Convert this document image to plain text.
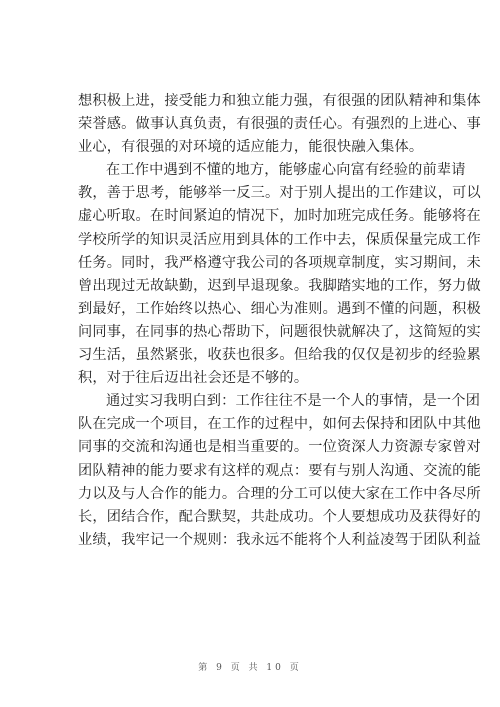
想积极上进，接受能力和独立能力强，有很强的团队精神和集体
荣誉感。做事认真负责，有很强的责任心。有强烈的上进心、事
业心，有很强的对环境的适应能力，能很快融入集体。
在工作中遇到不懂的地方，能够虚心向富有经验的前辈请
教，善于思考，能够举一反三。对于别人提出的工作建议，可以
虚心听取。在时间紧迫的情况下，加时加班完成任务。能够将在
学校所学的知识灵活应用到具体的工作中去，保质保量完成工作
任务。同时，我严格遵守我公司的各项规章制度，实习期间，未
曾出现过无故缺勤，迟到早退现象。我脚踏实地的工作，努力做
到最好，工作始终以热心、细心为准则。遇到不懂的问题，积极
问同事，在同事的热心帮助下，问题很快就解决了，这简短的实
习生活，虽然紧张，收获也很多。但给我的仅仅是初步的经验累
积，对于往后迈出社会还是不够的。
通过实习我明白到：工作往往不是一个人的事情，是一个团
队在完成一个项目，在工作的过程中，如何去保持和团队中其他
同事的交流和沟通也是相当重要的。一位资深人力资源专家曾对
团队精神的能力要求有这样的观点：要有与别人沟通、交流的能
力以及与人合作的能力。合理的分工可以使大家在工作中各尽所
长，团结合作，配合默契，共赴成功。个人要想成功及获得好的
业绩，我牢记一个规则：我永远不能将个人利益凌驾于团队利益
第 9 页 共 10 页
